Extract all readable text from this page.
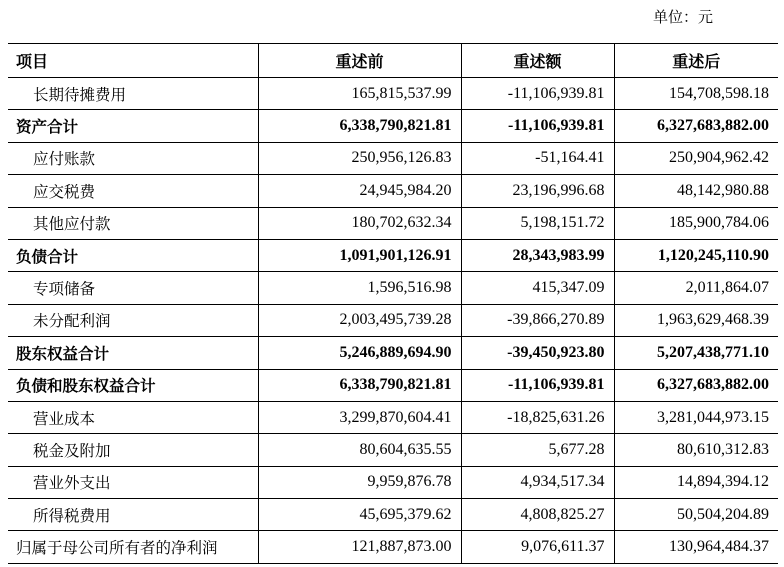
单位：元
项目	重述前	重述额	重述后
长期待摊费用	165,815,537.99	-11,106,939.81	154,708,598.18
资产合计	6,338,790,821.81	-11,106,939.81	6,327,683,882.00
应付账款	250,956,126.83	-51,164.41	250,904,962.42
应交税费	24,945,984.20	23,196,996.68	48,142,980.88
其他应付款	180,702,632.34	5,198,151.72	185,900,784.06
负债合计	1,091,901,126.91	28,343,983.99	1,120,245,110.90
专项储备	1,596,516.98	415,347.09	2,011,864.07
未分配利润	2,003,495,739.28	-39,866,270.89	1,963,629,468.39
股东权益合计	5,246,889,694.90	-39,450,923.80	5,207,438,771.10
负债和股东权益合计	6,338,790,821.81	-11,106,939.81	6,327,683,882.00
营业成本	3,299,870,604.41	-18,825,631.26	3,281,044,973.15
税金及附加	80,604,635.55	5,677.28	80,610,312.83
营业外支出	9,959,876.78	4,934,517.34	14,894,394.12
所得税费用	45,695,379.62	4,808,825.27	50,504,204.89
归属于母公司所有者的净利润	121,887,873.00	9,076,611.37	130,964,484.37
